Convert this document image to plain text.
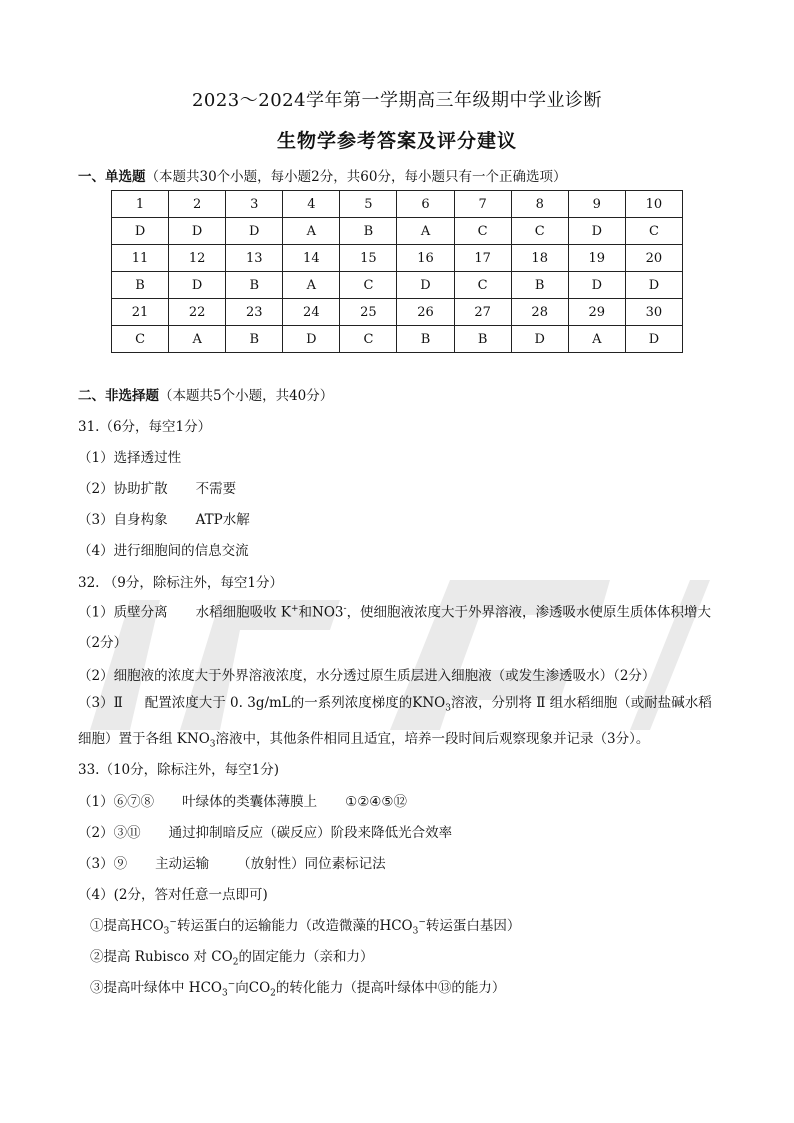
2023～2024学年第一学期高三年级期中学业诊断
生物学参考答案及评分建议
一、单选题（本题共30个小题，每小题2分，共60分，每小题只有一个正确选项）
1	2	3	4	5	6	7	8	9	10
D	D	D	A	B	A	C	C	D	C
11	12	13	14	15	16	17	18	19	20
B	D	B	A	C	D	C	B	D	D
21	22	23	24	25	26	27	28	29	30
C	A	B	D	C	B	B	D	A	D
二、非选择题（本题共5个小题，共40分）
31.（6分，每空1分）
（1）选择透过性
（2）协助扩散 不需要
（3）自身构象 ATP水解
（4）进行细胞间的信息交流
32. （9分，除标注外，每空1分）
（1）质壁分离 水稻细胞吸收 K+和NO3-，使细胞液浓度大于外界溶液，渗透吸水使原生质体体积增大（2分）
（2）细胞液的浓度大于外界溶液浓度，水分透过原生质层进入细胞液（或发生渗透吸水）（2分）
（3）Ⅱ 配置浓度大于 0. 3g/mL的一系列浓度梯度的$KNO_3$溶液，分别将 Ⅱ 组水稻细胞（或耐盐碱水稻细胞）置于各组 $KNO_3$溶液中，其他条件相同且适宜，培养一段时间后观察现象并记录（3分）。
33.（10分，除标注外，每空1分)
（1）⑥⑦⑧ 叶绿体的类囊体薄膜上 ①②④⑤⑫
（2）③⑪ 通过抑制暗反应（碳反应）阶段来降低光合效率
（3）⑨ 主动运输 （放射性）同位素标记法
（4）(2分，答对任意一点即可)
①提高$HCO_3^-$转运蛋白的运输能力（改造微藻的$HCO_3^-$转运蛋白基因）
②提高 Rubisco 对 $CO_2$的固定能力（亲和力）
③提高叶绿体中 $HCO_3^-$向$CO_2$的转化能力（提高叶绿体中⑬的能力）
